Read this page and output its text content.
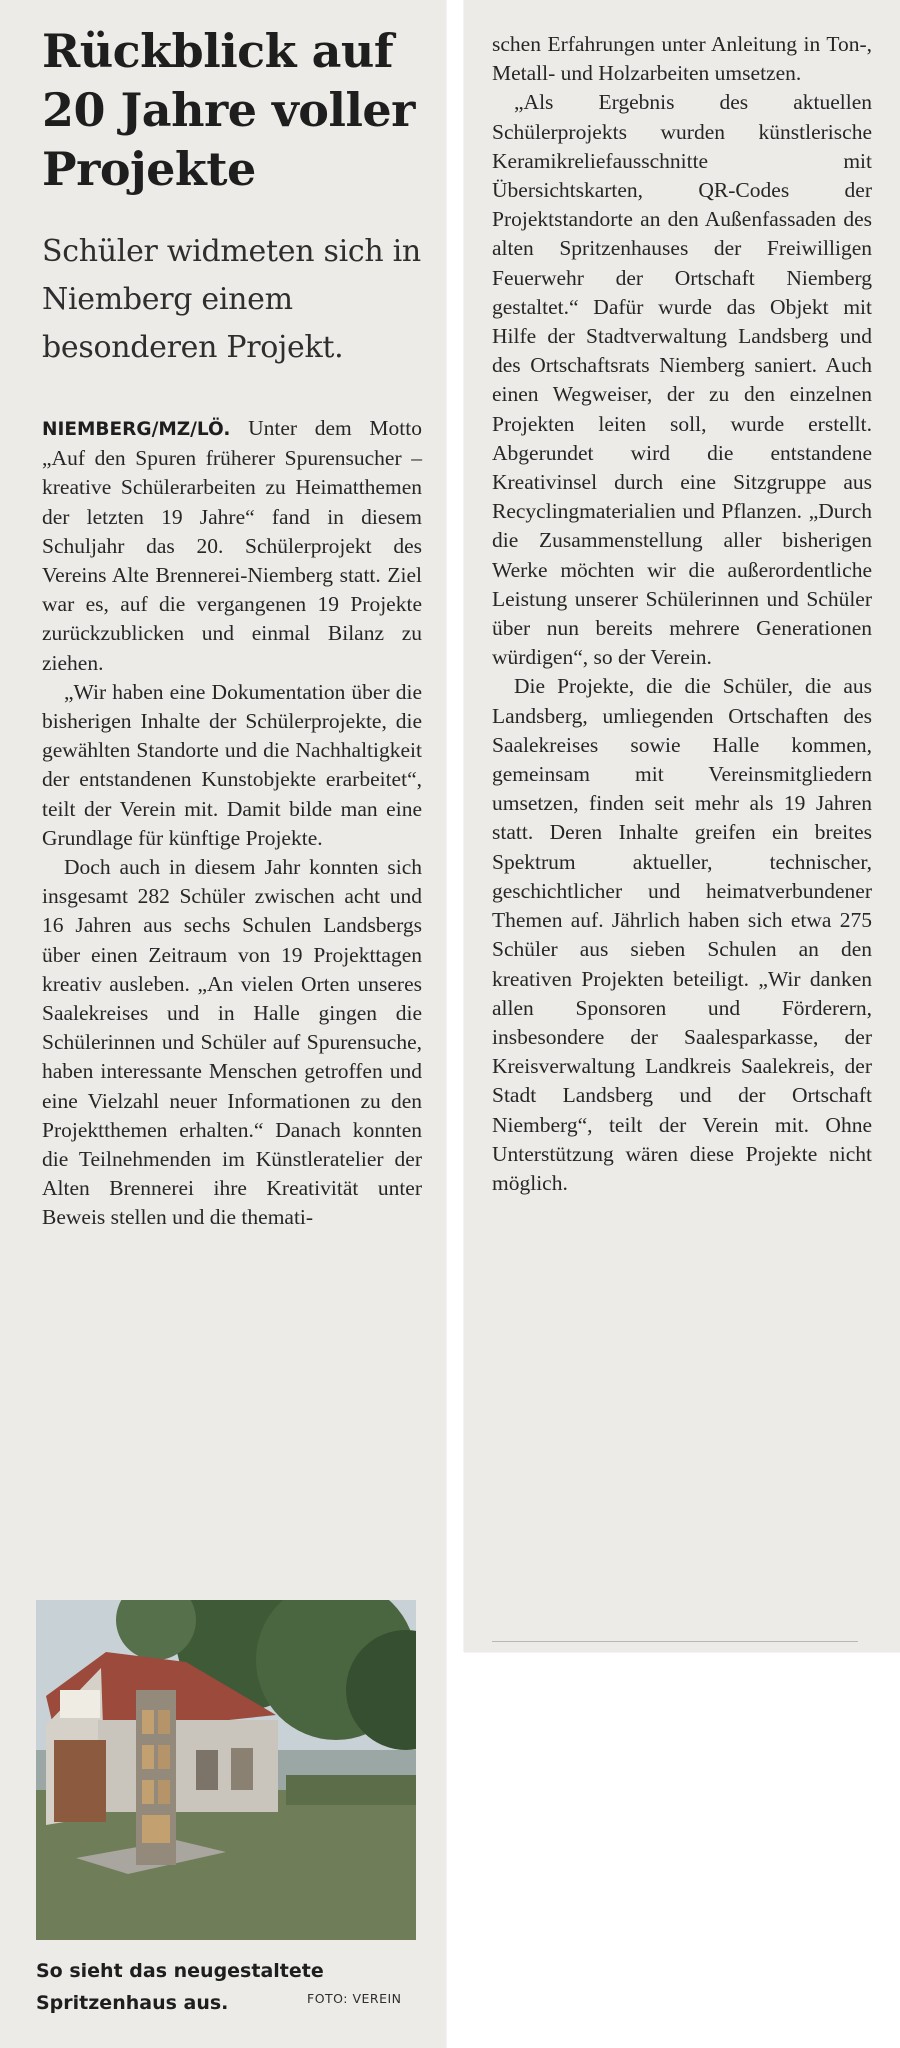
Rückblick auf 20 Jahre voller Projekte
Schüler widmeten sich in Niemberg einem besonderen Projekt.

NIEMBERG/MZ/LÖ. Unter dem Motto „Auf den Spuren früherer Spurensucher – kreative Schülerarbeiten zu Heimatthemen der letzten 19 Jahre“ fand in diesem Schuljahr das 20. Schülerprojekt des Vereins Alte Brennerei-Niemberg statt. Ziel war es, auf die vergangenen 19 Projekte zurückzublicken und einmal Bilanz zu ziehen.

„Wir haben eine Dokumentation über die bisherigen Inhalte der Schülerprojekte, die gewählten Standorte und die Nachhaltigkeit der entstandenen Kunstobjekte erarbeitet“, teilt der Verein mit. Damit bilde man eine Grundlage für künftige Projekte.

Doch auch in diesem Jahr konnten sich insgesamt 282 Schüler zwischen acht und 16 Jahren aus sechs Schulen Landsbergs über einen Zeitraum von 19 Projekttagen kreativ ausleben. „An vielen Orten unseres Saalekreises und in Halle gingen die Schülerinnen und Schüler auf Spurensuche, haben interessante Menschen getroffen und eine Vielzahl neuer Informationen zu den Projektthemen erhalten.“ Danach konnten die Teilnehmenden im Künstleratelier der Alten Brennerei ihre Kreativität unter Beweis stellen und die themati-

So sieht das neugestaltete Spritzenhaus aus.	FOTO: VEREIN

schen Erfahrungen unter Anleitung in Ton-, Metall- und Holzarbeiten umsetzen.

„Als Ergebnis des aktuellen Schülerprojekts wurden künstlerische Keramikreliefausschnitte mit Übersichtskarten, QR-Codes der Projektstandorte an den Außenfassaden des alten Spritzenhauses der Freiwilligen Feuerwehr der Ortschaft Niemberg gestaltet.“ Dafür wurde das Objekt mit Hilfe der Stadtverwaltung Landsberg und des Ortschaftsrats Niemberg saniert. Auch einen Wegweiser, der zu den einzelnen Projekten leiten soll, wurde erstellt. Abgerundet wird die entstandene Kreativinsel durch eine Sitzgruppe aus Recyclingmaterialien und Pflanzen. „Durch die Zusammenstellung aller bisherigen Werke möchten wir die außerordentliche Leistung unserer Schülerinnen und Schüler über nun bereits mehrere Generationen würdigen“, so der Verein.

Die Projekte, die die Schüler, die aus Landsberg, umliegenden Ortschaften des Saalekreises sowie Halle kommen, gemeinsam mit Vereinsmitgliedern umsetzen, finden seit mehr als 19 Jahren statt. Deren Inhalte greifen ein breites Spektrum aktueller, technischer, geschichtlicher und heimatverbundener Themen auf. Jährlich haben sich etwa 275 Schüler aus sieben Schulen an den kreativen Projekten beteiligt. „Wir danken allen Sponsoren und Förderern, insbesondere der Saalesparkasse, der Kreisverwaltung Landkreis Saalekreis, der Stadt Landsberg und der Ortschaft Niemberg“, teilt der Verein mit. Ohne Unterstützung wären diese Projekte nicht möglich.
